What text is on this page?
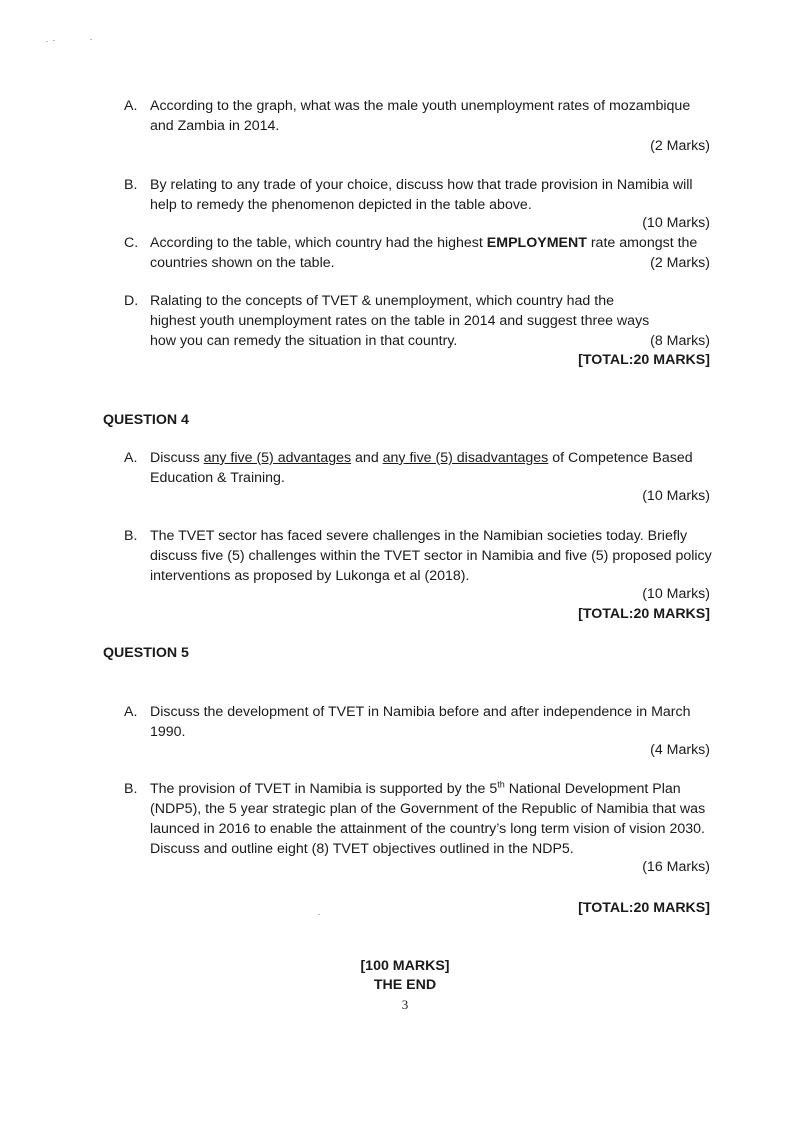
A. According to the graph, what was the male youth unemployment rates of mozambique and Zambia in 2014.
(2 Marks)
B. By relating to any trade of your choice, discuss how that trade provision in Namibia will help to remedy the phenomenon depicted in the table above.
(10 Marks)
C. According to the table, which country had the highest EMPLOYMENT rate amongst the countries shown on the table.	(2 Marks)
D. Ralating to the concepts of TVET & unemployment, which country had the highest youth unemployment rates on the table in 2014 and suggest three ways how you can remedy the situation in that country.	(8 Marks)
[TOTAL:20 MARKS]
QUESTION 4
A. Discuss any five (5) advantages and any five (5) disadvantages of Competence Based Education & Training.
(10 Marks)
B. The TVET sector has faced severe challenges in the Namibian societies today. Briefly discuss five (5) challenges within the TVET sector in Namibia and five (5) proposed policy interventions as proposed by Lukonga et al (2018).
(10 Marks)
[TOTAL:20 MARKS]
QUESTION 5
A. Discuss the development of TVET in Namibia before and after independence in March 1990.
(4 Marks)
B. The provision of TVET in Namibia is supported by the 5th National Development Plan (NDP5), the 5 year strategic plan of the Government of the Republic of Namibia that was launced in 2016 to enable the attainment of the country’s long term vision of vision 2030. Discuss and outline eight (8) TVET objectives outlined in the NDP5.
(16 Marks)
[TOTAL:20 MARKS]
[100 MARKS]
THE END
3
